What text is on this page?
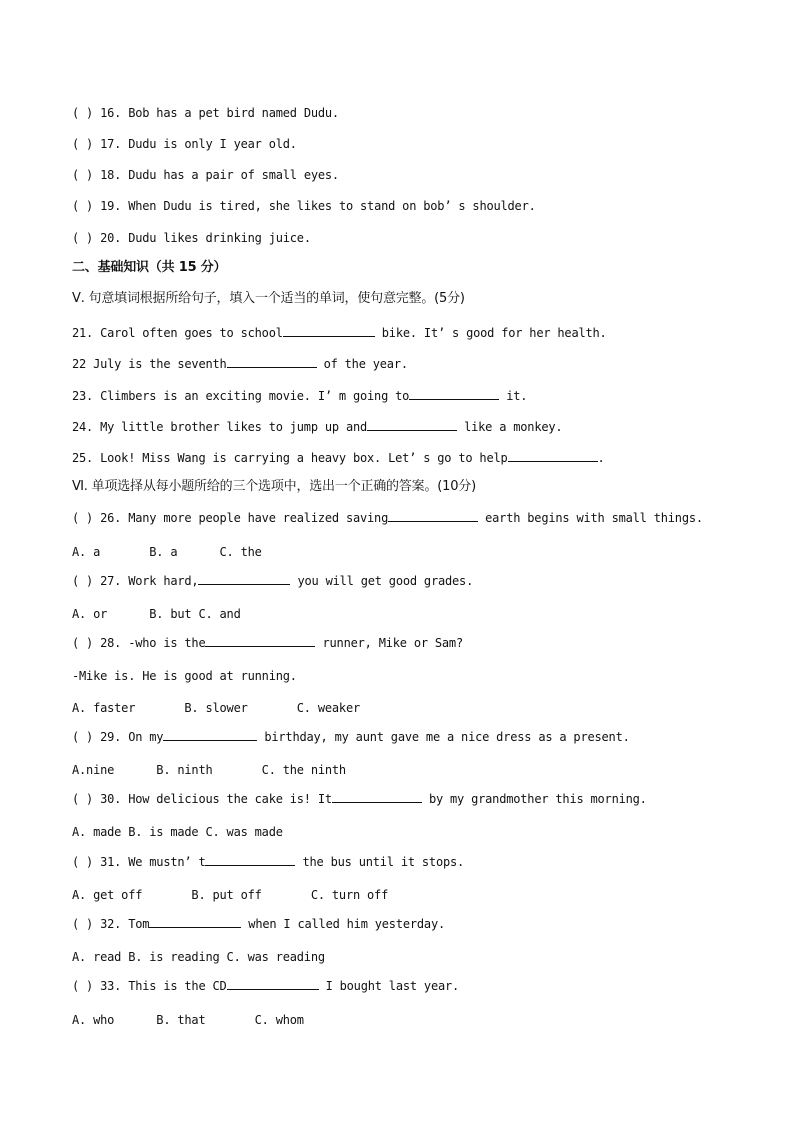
( ) 16. Bob has a pet bird named Dudu.
( ) 17. Dudu is only I year old.
( ) 18. Dudu has a pair of small eyes.
( ) 19. When Dudu is tired, she likes to stand on bob’ s shoulder.
( ) 20. Dudu likes drinking juice.
二、基础知识（共 15 分）
Ⅴ. 句意填词根据所给句子，填入一个适当的单词，使句意完整。(5分)
21. Carol often goes to school	bike. It’ s good for her health.
22 July is the seventh	of the year.
23. Climbers is an exciting movie. I’ m going to	it.
24. My little brother likes to jump up and	like a monkey.
25. Look! Miss Wang is carrying a heavy box. Let’ s go to help	.
Ⅵ. 单项选择从每小题所给的三个选项中，选出一个正确的答案。(10分)
( ) 26. Many more people have realized saving	earth begins with small things.
A. a       B. a      C. the
( ) 27. Work hard,	you will get good grades.
A. or      B. but C. and
( ) 28. -who is the	runner, Mike or Sam?
-Mike is. He is good at running.
A. faster       B. slower       C. weaker
( ) 29. On my	birthday, my aunt gave me a nice dress as a present.
A.nine      B. ninth       C. the ninth
( ) 30. How delicious the cake is! It	by my grandmother this morning.
A. made B. is made C. was made
( ) 31. We mustn’ t	the bus until it stops.
A. get off       B. put off       C. turn off
( ) 32. Tom	when I called him yesterday.
A. read B. is reading C. was reading
( ) 33. This is the CD	I bought last year.
A. who      B. that       C. whom
